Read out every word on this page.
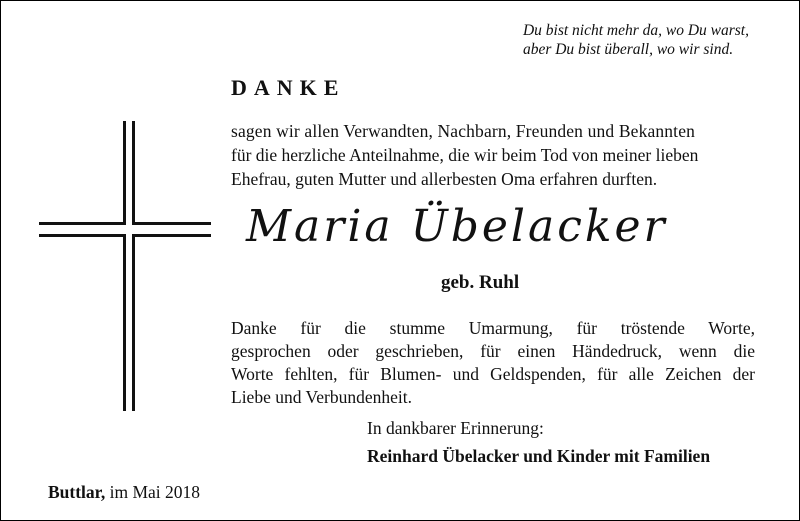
Du bist nicht mehr da, wo Du warst,
aber Du bist überall, wo wir sind.
DANKE
sagen wir allen Verwandten, Nachbarn, Freunden und Bekannten
für die herzliche Anteilnahme, die wir beim Tod von meiner lieben
Ehefrau, guten Mutter und allerbesten Oma erfahren durften.
Maria Übelacker
geb. Ruhl
Danke für die stumme Umarmung, für tröstende Worte,
gesprochen oder geschrieben, für einen Händedruck, wenn die
Worte fehlten, für Blumen- und Geldspenden, für alle Zeichen der
Liebe und Verbundenheit.
In dankbarer Erinnerung:
Reinhard Übelacker und Kinder mit Familien
Buttlar, im Mai 2018
